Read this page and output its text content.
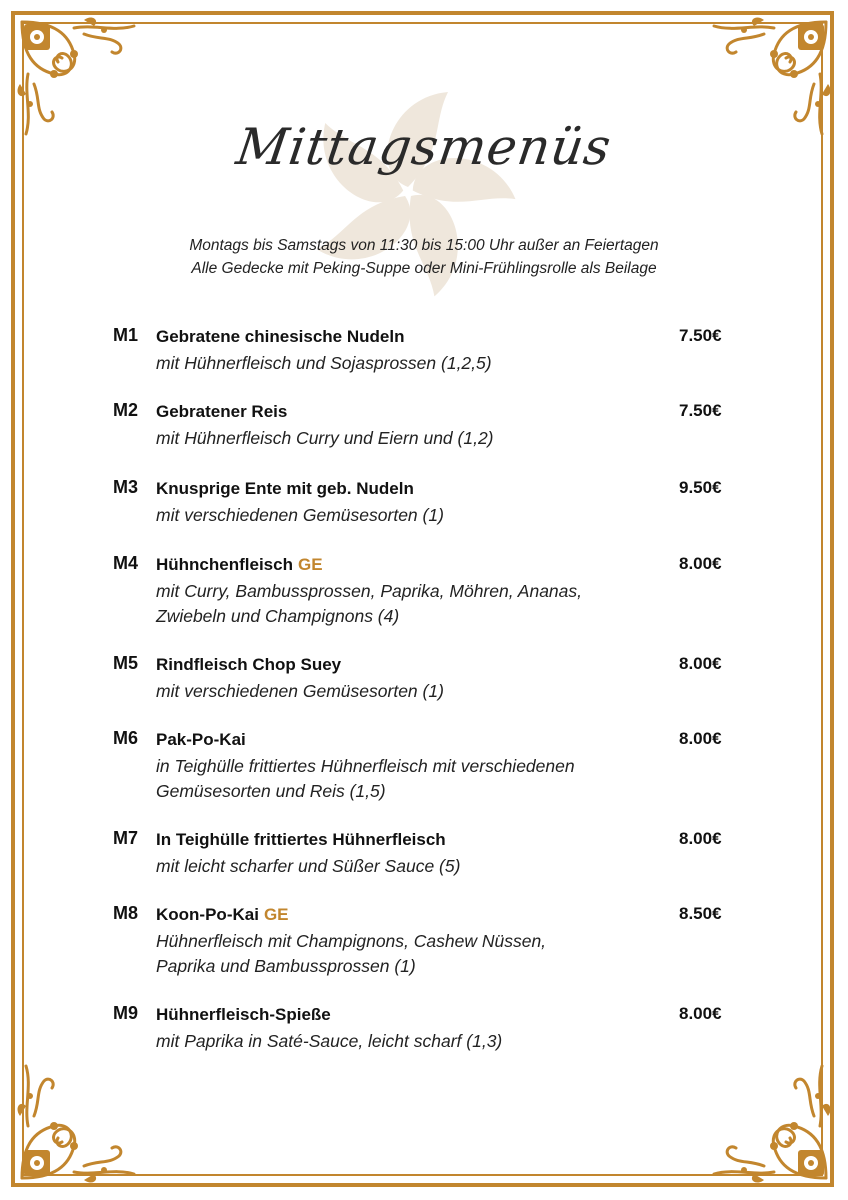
Mittagsmenüs
Montags bis Samstags von 11:30 bis 15:00 Uhr außer an Feiertagen
Alle Gedecke mit Peking-Suppe oder Mini-Frühlingsrolle als Beilage
M1 Gebratene chinesische Nudeln	7.50€
mit Hühnerfleisch und Sojasprossen (1,2,5)
M2 Gebratener Reis	7.50€
mit Hühnerfleisch Curry und Eiern und (1,2)
M3 Knusprige Ente mit geb. Nudeln	9.50€
mit verschiedenen Gemüsesorten (1)
M4 Hühnchenfleisch GE	8.00€
mit Curry, Bambussprossen, Paprika, Möhren, Ananas, Zwiebeln und Champignons (4)
M5 Rindfleisch Chop Suey	8.00€
mit verschiedenen Gemüsesorten (1)
M6 Pak-Po-Kai	8.00€
in Teighülle frittiertes Hühnerfleisch mit verschiedenen Gemüsesorten und Reis (1,5)
M7 In Teighülle frittiertes Hühnerfleisch	8.00€
mit leicht scharfer und Süßer Sauce (5)
M8 Koon-Po-Kai GE	8.50€
Hühnerfleisch mit Champignons, Cashew Nüssen, Paprika und Bambussprossen (1)
M9 Hühnerfleisch-Spieße	8.00€
mit Paprika in Saté-Sauce, leicht scharf (1,3)
